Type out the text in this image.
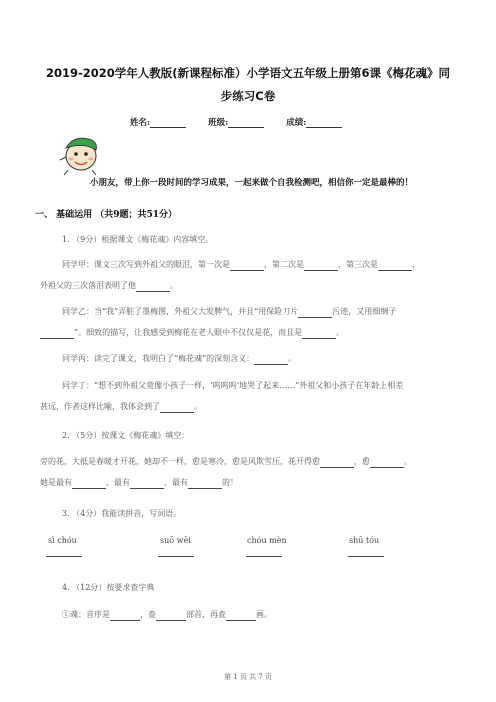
2019-2020学年人教版(新课程标准）小学语文五年级上册第6课《梅花魂》同
步练习C卷
姓名:	班级:	成绩:
小朋友，带上你一段时间的学习成果，一起来做个自我检测吧，相信你一定是最棒的！
一、 基础运用 （共9题；共51分）
1. （9分）根据课文《梅花魂》内容填空。
同学甲：课文三次写到外祖父的眼泪，第一次是	，第二次是	，第三次是	，
外祖父的三次落泪表明了他	。
同学乙：当“我”弄脏了墨梅图，外祖父大发脾气，并且“用保险刀片	污迹，又用细绸子
”。细致的描写，让我感受到梅花在老人眼中不仅仅是花，而且是	。
同学丙：读完了课文，我明白了“梅花魂”的深刻含义：	。
同学丁：“想不到外祖父竟像小孩子一样，‘呜呜呜’地哭了起来……”外祖父和小孩子在年龄上相差
甚远，作者这样比喻，我体会到了	。
2. （5分）按课文《梅花魂》填空：
旁的花，大抵是春暖才开花，她却不一样，愈是寒冷，愈是风欺雪压，花开得愈	，愈	。
她是最有	、最有	、最有	的！
3. （4分）我能读拼音，写词语。
sì chóu	suō wēi	chóu mèn	shū tóu
4. （12分）按要求查字典
①魂：音序是	，查	部首，再查	画。
第 1 页 共 7 页
